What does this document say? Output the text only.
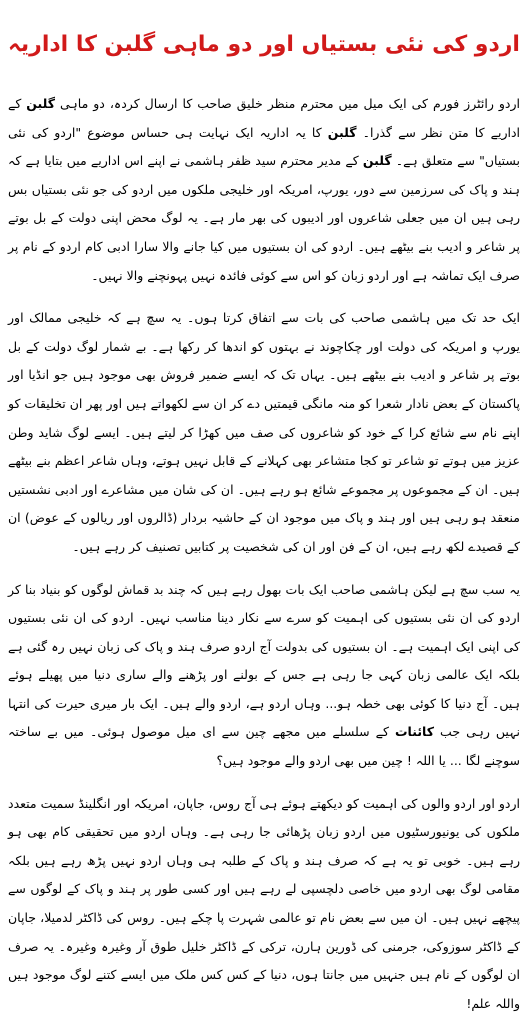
اردو کی نئی بستیاں اور دو ماہی گلبن کا اداریہ

اردو رائٹرز فورم کی ایک میل میں محترم منظر خلیق صاحب کا ارسال کردہ، دو ماہی گلبن کے اداریے کا متن نظر سے گذرا۔ گلبن کا یہ اداریہ ایک نہایت ہی حساس موضوع "اردو کی نئی بستیاں" سے متعلق ہے۔ گلبن کے مدیر محترم سید ظفر ہاشمی نے اپنے اس اداریے میں بتایا ہے کہ ہند و پاک کی سرزمین سے دور، یورپ، امریکہ اور خلیجی ملکوں میں اردو کی جو نئی بستیاں بس رہی ہیں ان میں جعلی شاعروں اور ادیبوں کی بھر مار ہے۔ یہ لوگ محض اپنی دولت کے بل بوتے پر شاعر و ادیب بنے بیٹھے ہیں۔ اردو کی ان بستیوں میں کیا جانے والا سارا ادبی کام اردو کے نام پر صرف ایک تماشہ ہے اور اردو زبان کو اس سے کوئی فائدہ نہیں پہونچنے والا نہیں۔

ایک حد تک میں ہاشمی صاحب کی بات سے اتفاق کرتا ہوں۔ یہ سچ ہے کہ خلیجی ممالک اور یورپ و امریکہ کی دولت اور چکاچوند نے بہتوں کو اندھا کر رکھا ہے۔ بے شمار لوگ دولت کے بل بوتے پر شاعر و ادیب بنے بیٹھے ہیں۔ یہاں تک کہ ایسے ضمیر فروش بھی موجود ہیں جو انڈیا اور پاکستان کے بعض نادار شعرا کو منہ مانگی قیمتیں دے کر ان سے لکھواتے ہیں اور پھر ان تخلیقات کو اپنے نام سے شائع کرا کے خود کو شاعروں کی صف میں کھڑا کر لیتے ہیں۔ ایسے لوگ شاید وطن عزیز میں ہوتے تو شاعر تو کجا متشاعر بھی کہلانے کے قابل نہیں ہوتے، وہاں شاعر اعظم بنے بیٹھے ہیں۔ ان کے مجموعوں پر مجموعے شائع ہو رہے ہیں۔ ان کی شان میں مشاعرے اور ادبی نشستیں منعقد ہو رہی ہیں اور ہند و پاک میں موجود ان کے حاشیہ بردار (ڈالروں اور ریالوں کے عوض) ان کے قصیدے لکھ رہے ہیں، ان کے فن اور ان کی شخصیت پر کتابیں تصنیف کر رہے ہیں۔

یہ سب سچ ہے لیکن ہاشمی صاحب ایک بات بھول رہے ہیں کہ چند بد قماش لوگوں کو بنیاد بنا کر اردو کی ان نئی بستیوں کی اہمیت کو سرے سے نکار دینا مناسب نہیں۔ اردو کی ان نئی بستیوں کی اپنی ایک اہمیت ہے۔ ان بستیوں کی بدولت آج اردو صرف ہند و پاک کی زبان نہیں رہ گئی ہے بلکہ ایک عالمی زبان کہی جا رہی ہے جس کے بولنے اور پڑھنے والے ساری دنیا میں پھیلے ہوئے ہیں۔ آج دنیا کا کوئی بھی خطہ ہو... وہاں اردو ہے، اردو والے ہیں۔ ایک بار میری حیرت کی انتہا نہیں رہی جب کائنات کے سلسلے میں مجھے چین سے ای میل موصول ہوئی۔ میں بے ساختہ سوچنے لگا ... یا اللہ ! چین میں بھی اردو والے موجود ہیں؟

اردو اور اردو والوں کی اہمیت کو دیکھتے ہوئے ہی آج روس، جاپان، امریکہ اور انگلینڈ سمیت متعدد ملکوں کی یونیورسٹیوں میں اردو زبان پڑھائی جا رہی ہے۔ وہاں اردو میں تحقیقی کام بھی ہو رہے ہیں۔ خوبی تو یہ ہے کہ صرف ہند و پاک کے طلبہ ہی وہاں اردو نہیں پڑھ رہے ہیں بلکہ مقامی لوگ بھی اردو میں خاصی دلچسپی لے رہے ہیں اور کسی طور پر ہند و پاک کے لوگوں سے پیچھے نہیں ہیں۔ ان میں سے بعض نام تو عالمی شہرت پا چکے ہیں۔ روس کی ڈاکٹر لدمیلا، جاپان کے ڈاکٹر سوزوکی، جرمنی کی ڈورین ہارن، ترکی کے ڈاکٹر خلیل طوق آر وغیرہ وغیرہ۔ یہ صرف ان لوگوں کے نام ہیں جنہیں میں جانتا ہوں، دنیا کے کس کس ملک میں ایسے کتنے لوگ موجود ہیں واللہ علم!
